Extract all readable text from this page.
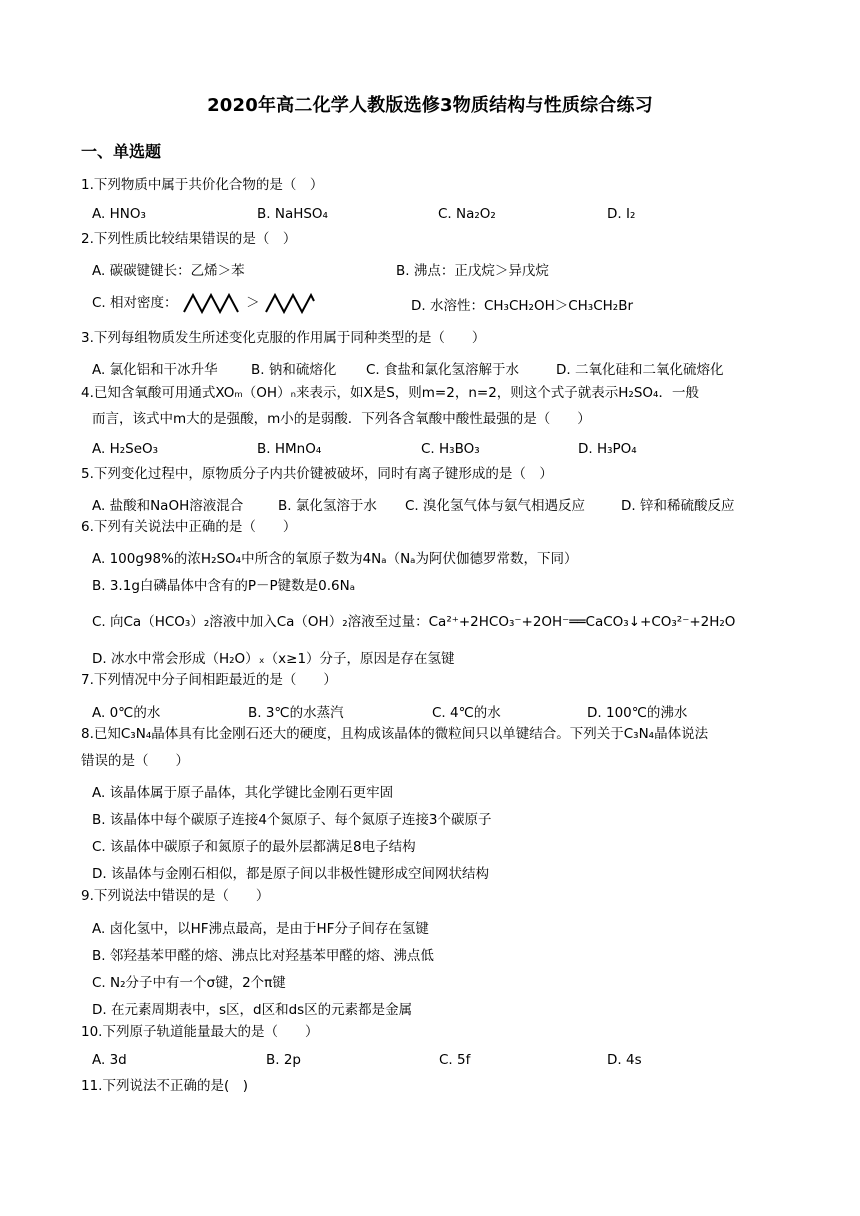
2020年高二化学人教版选修3物质结构与性质综合练习
一、单选题
1.下列物质中属于共价化合物的是（　）
A. HNO₃	B. NaHSO₄	C. Na₂O₂	D. I₂
2.下列性质比较结果错误的是（　）
A. 碳碳键键长：乙烯＞苯	B. 沸点：正戊烷＞异戊烷
C. 相对密度：	＞	D. 水溶性：CH₃CH₂OH＞CH₃CH₂Br
3.下列每组物质发生所述变化克服的作用属于同种类型的是（　　）
A. 氯化铝和干冰升华 B. 钠和硫熔化 C. 食盐和氯化氢溶解于水	D. 二氧化硅和二氧化硫熔化
4.已知含氧酸可用通式XOₘ（OH）ₙ来表示，如X是S，则m=2，n=2，则这个式子就表示H₂SO₄．一般
而言，该式中m大的是强酸，m小的是弱酸．下列各含氧酸中酸性最强的是（　　）
A. H₂SeO₃	B. HMnO₄	C. H₃BO₃	D. H₃PO₄
5.下列变化过程中，原物质分子内共价键被破坏，同时有离子键形成的是（　）
A. 盐酸和NaOH溶液混合	B. 氯化氢溶于水 C. 溴化氢气体与氨气相遇反应	D. 锌和稀硫酸反应
6.下列有关说法中正确的是（　　）
A. 100g98%的浓H₂SO₄中所含的氧原子数为4Nₐ（Nₐ为阿伏伽德罗常数，下同）
B. 3.1g白磷晶体中含有的P－P键数是0.6Nₐ
C. 向Ca（HCO₃）₂溶液中加入Ca（OH）₂溶液至过量：Ca²⁺+2HCO₃⁻+2OH⁻══CaCO₃↓+CO₃²⁻+2H₂O
D. 冰水中常会形成（H₂O）ₓ（x≥1）分子，原因是存在氢键
7.下列情况中分子间相距最近的是（　　）
A. 0℃的水	B. 3℃的水蒸汽	C. 4℃的水	D. 100℃的沸水
8.已知C₃N₄晶体具有比金刚石还大的硬度，且构成该晶体的微粒间只以单键结合。下列关于C₃N₄晶体说法
错误的是（　　）
A. 该晶体属于原子晶体，其化学键比金刚石更牢固
B. 该晶体中每个碳原子连接4个氮原子、每个氮原子连接3个碳原子
C. 该晶体中碳原子和氮原子的最外层都满足8电子结构
D. 该晶体与金刚石相似，都是原子间以非极性键形成空间网状结构
9.下列说法中错误的是（　　）
A. 卤化氢中，以HF沸点最高，是由于HF分子间存在氢键
B. 邻羟基苯甲醛的熔、沸点比对羟基苯甲醛的熔、沸点低
C. N₂分子中有一个σ键，2个π键
D. 在元素周期表中，s区，d区和ds区的元素都是金属
10.下列原子轨道能量最大的是（　　）
A. 3d	B. 2p	C. 5f	D. 4s
11.下列说法不正确的是(　)
